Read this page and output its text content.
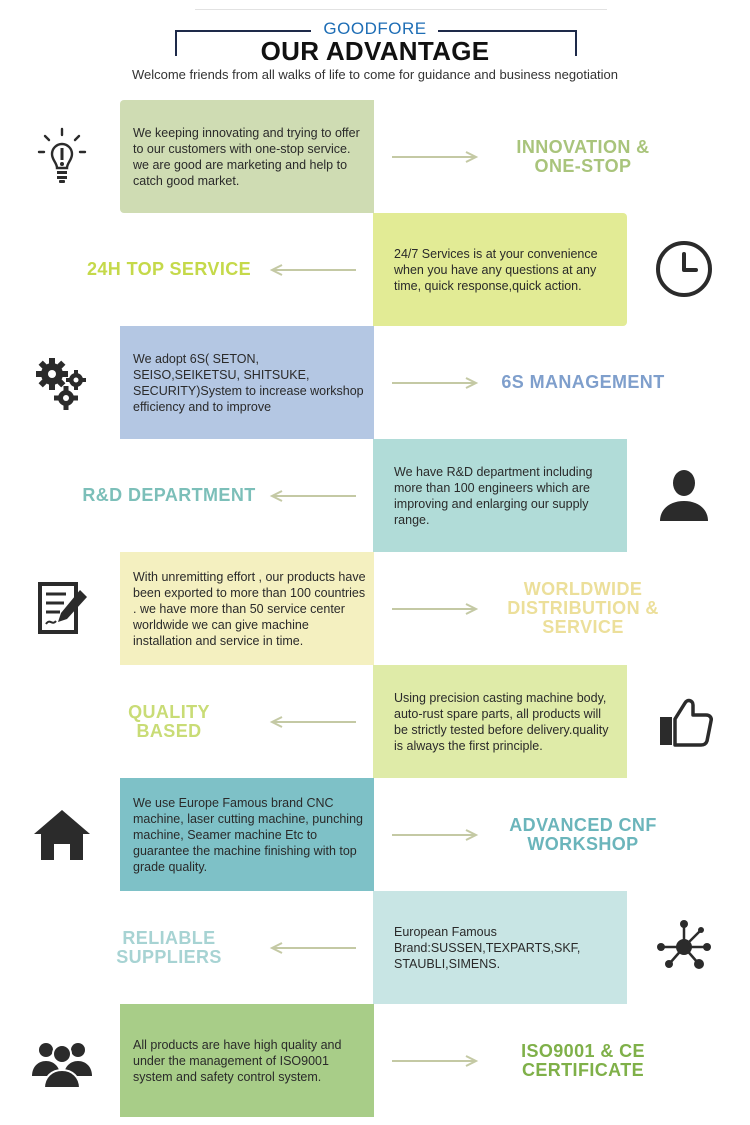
GOODFORE
OUR ADVANTAGE
Welcome friends from all walks of life to come for guidance and business negotiation
We keeping innovating and trying to offer to our customers with one-stop service. we are good are marketing and help to catch good market.
INNOVATION &
ONE-STOP
24/7 Services is at your convenience when you have any questions at any time, quick response,quick action.
24H TOP SERVICE
We adopt 6S( SETON, SEISO,SEIKETSU, SHITSUKE, SECURITY)System to increase workshop efficiency and to improve
6S MANAGEMENT
We have R&D department including more than 100 engineers which are improving and enlarging our supply range.
R&D DEPARTMENT
With unremitting effort , our products have been exported to more than 100 countries . we have more than 50 service center worldwide we can give machine installation and service in time.
WORLDWIDE
DISTRIBUTION &
SERVICE
Using precision casting machine body, auto-rust spare parts, all products will be strictly tested before delivery.quality is always the first principle.
QUALITY
BASED
We use Europe Famous brand CNC machine, laser cutting machine, punching machine, Seamer machine Etc to guarantee the machine finishing with top grade quality.
ADVANCED CNF
WORKSHOP
European Famous Brand:SUSSEN,TEXPARTS,SKF, STAUBLI,SIMENS.
RELIABLE
SUPPLIERS
All products are have high quality and under the management of ISO9001 system and safety control system.
ISO9001 & CE
CERTIFICATE
